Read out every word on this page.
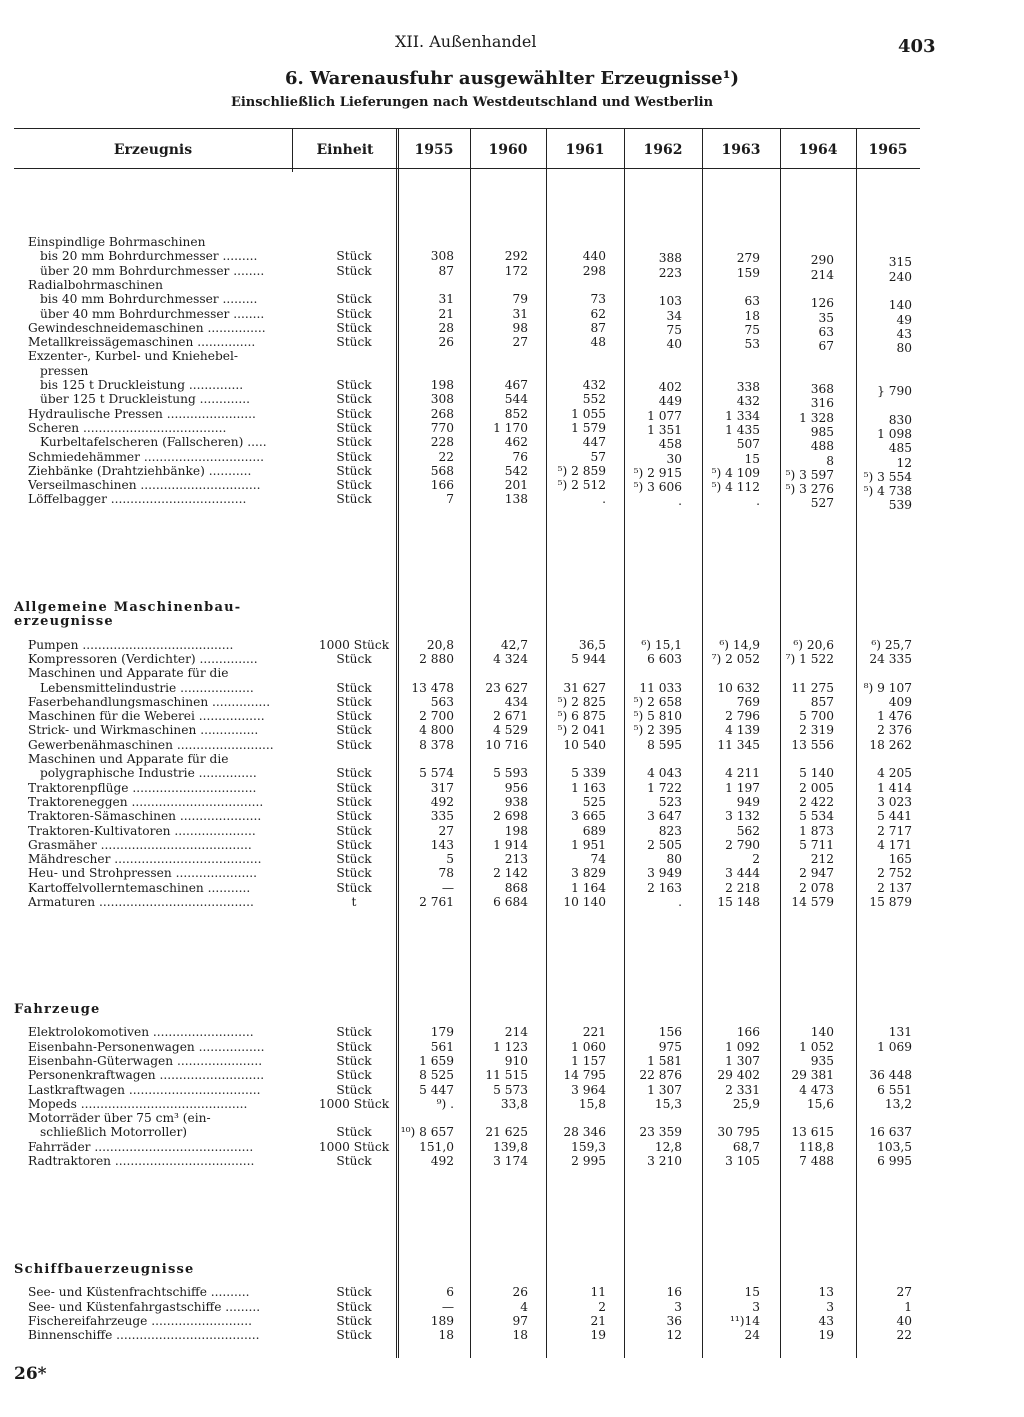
XII. Außenhandel	403
6. Warenausfuhr ausgewählter Erzeugnisse¹)
Einschließlich Lieferungen nach Westdeutschland und Westberlin
Erzeugnis	Einheit	1955	1960	1961	1962	1963	1964	1965
Einspindlige Bohrmaschinen
bis 20 mm Bohrdurchmesser .........	Stück	308	292	440	388	279	290	315
über 20 mm Bohrdurchmesser ........	Stück	87	172	298	223	159	214	240
Radialbohrmaschinen
bis 40 mm Bohrdurchmesser .........	Stück	31	79	73	103	63	126	140
über 40 mm Bohrdurchmesser ........	Stück	21	31	62	34	18	35	49
Gewindeschneidemaschinen ...............	Stück	28	98	87	75	75	63	43
Metallkreissägemaschinen ...............	Stück	26	27	48	40	53	67	80
Exzenter-, Kurbel- und Kniehebel-
pressen
bis 125 t Druckleistung ..............	Stück	198	467	432	402	338	368	} 790
über 125 t Druckleistung .............	Stück	308	544	552	449	432	316
Hydraulische Pressen .......................	Stück	268	852	1 055	1 077	1 334	1 328	830
Scheren .....................................	Stück	770	1 170	1 579	1 351	1 435	985	1 098
Kurbeltafelscheren (Fallscheren) .....	Stück	228	462	447	458	507	488	485
Schmiedehämmer ...............................	Stück	22	76	57	30	15	8	12
Ziehbänke (Drahtziehbänke) ...........	Stück	568	542	⁵) 2 859	⁵) 2 915	⁵) 4 109	⁵) 3 597	⁵) 3 554
Verseilmaschinen ...............................	Stück	166	201	⁵) 2 512	⁵) 3 606	⁵) 4 112	⁵) 3 276	⁵) 4 738
Löffelbagger ...................................	Stück	7	138	.	.	.	527	539
Allgemeine Maschinenbau-
erzeugnisse
Pumpen .......................................	1000 Stück	20,8	42,7	36,5	⁶) 15,1	⁶) 14,9	⁶) 20,6	⁶) 25,7
Kompressoren (Verdichter) ...............	Stück	2 880	4 324	5 944	6 603	⁷) 2 052	⁷) 1 522	24 335
Maschinen und Apparate für die
Lebensmittelindustrie ...................	Stück	13 478	23 627	31 627	11 033	10 632	11 275	⁸) 9 107
Faserbehandlungsmaschinen ...............	Stück	563	434	⁵) 2 825	⁵) 2 658	769	857	409
Maschinen für die Weberei .................	Stück	2 700	2 671	⁵) 6 875	⁵) 5 810	2 796	5 700	1 476
Strick- und Wirkmaschinen ...............	Stück	4 800	4 529	⁵) 2 041	⁵) 2 395	4 139	2 319	2 376
Gewerbenähmaschinen .........................	Stück	8 378	10 716	10 540	8 595	11 345	13 556	18 262
Maschinen und Apparate für die
polygraphische Industrie ...............	Stück	5 574	5 593	5 339	4 043	4 211	5 140	4 205
Traktorenpflüge ................................	Stück	317	956	1 163	1 722	1 197	2 005	1 414
Traktoreneggen ..................................	Stück	492	938	525	523	949	2 422	3 023
Traktoren-Sämaschinen .....................	Stück	335	2 698	3 665	3 647	3 132	5 534	5 441
Traktoren-Kultivatoren .....................	Stück	27	198	689	823	562	1 873	2 717
Grasmäher .......................................	Stück	143	1 914	1 951	2 505	2 790	5 711	4 171
Mähdrescher ......................................	Stück	5	213	74	80	2	212	165
Heu- und Strohpressen .....................	Stück	78	2 142	3 829	3 949	3 444	2 947	2 752
Kartoffelvollerntemaschinen ...........	Stück	—	868	1 164	2 163	2 218	2 078	2 137
Armaturen ........................................	t	2 761	6 684	10 140	.	15 148	14 579	15 879
Fahrzeuge
Elektrolokomotiven ..........................	Stück	179	214	221	156	166	140	131
Eisenbahn-Personenwagen .................	Stück	561	1 123	1 060	975	1 092	1 052	1 069
Eisenbahn-Güterwagen ......................	Stück	1 659	910	1 157	1 581	1 307	935
Personenkraftwagen ...........................	Stück	8 525	11 515	14 795	22 876	29 402	29 381	36 448
Lastkraftwagen ..................................	Stück	5 447	5 573	3 964	1 307	2 331	4 473	6 551
Mopeds ...........................................	1000 Stück	⁹) .	33,8	15,8	15,3	25,9	15,6	13,2
Motorräder über 75 cm³ (ein-
schließlich Motorroller)	Stück	¹⁰) 8 657	21 625	28 346	23 359	30 795	13 615	16 637
Fahrräder .........................................	1000 Stück	151,0	139,8	159,3	12,8	68,7	118,8	103,5
Radtraktoren ....................................	Stück	492	3 174	2 995	3 210	3 105	7 488	6 995
Schiffbauerzeugnisse
See- und Küstenfrachtschiffe ..........	Stück	6	26	11	16	15	13	27
See- und Küstenfahrgastschiffe .........	Stück	—	4	2	3	3	3	1
Fischereifahrzeuge ..........................	Stück	189	97	21	36	¹¹)14	43	40
Binnenschiffe .....................................	Stück	18	18	19	12	24	19	22
26*
